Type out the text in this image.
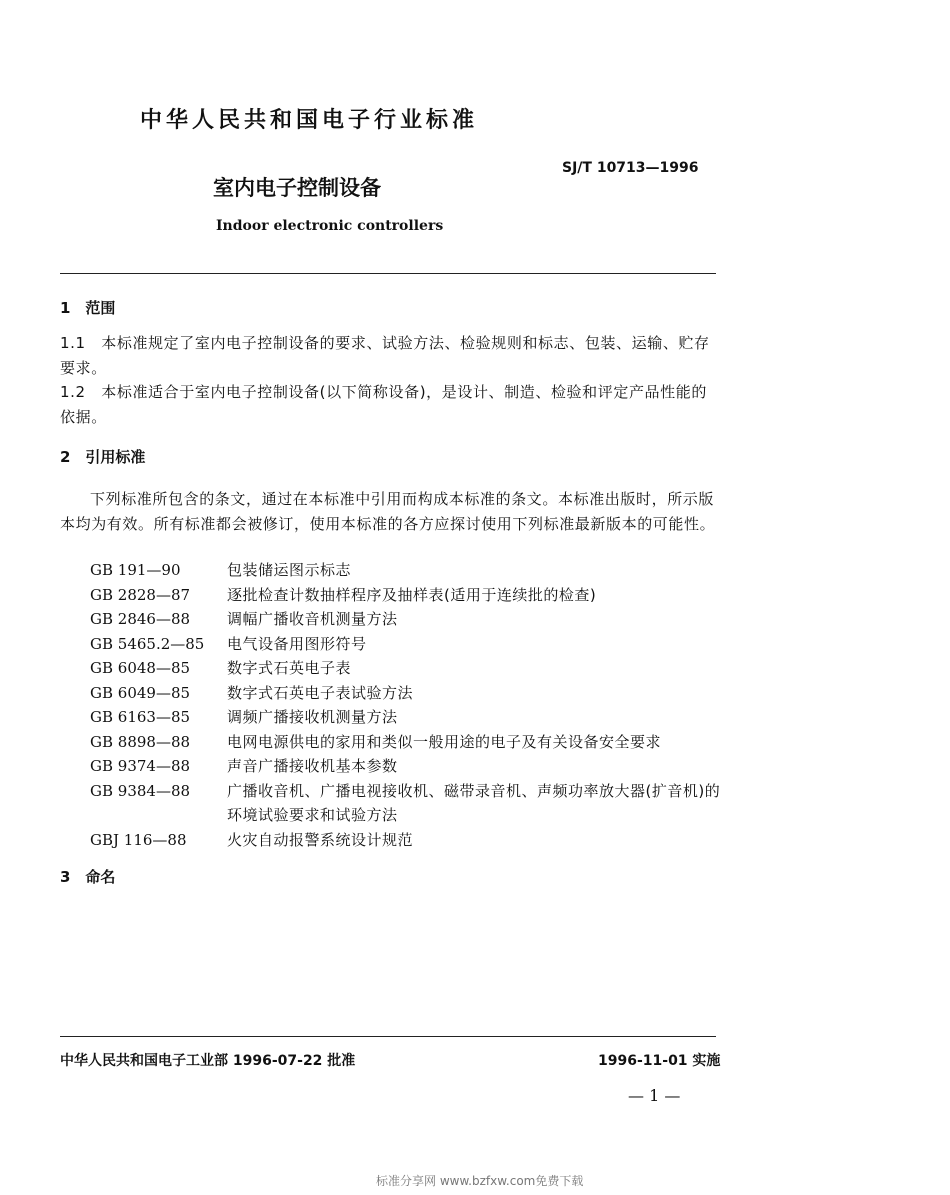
中华人民共和国电子行业标准
SJ/T 10713—1996
室内电子控制设备
Indoor electronic controllers
1　范围
1.1　本标准规定了室内电子控制设备的要求、试验方法、检验规则和标志、包装、运输、贮存要求。
1.2　本标准适合于室内电子控制设备(以下简称设备)，是设计、制造、检验和评定产品性能的依据。
2　引用标准
下列标准所包含的条文，通过在本标准中引用而构成本标准的条文。本标准出版时，所示版本均为有效。所有标准都会被修订，使用本标准的各方应探讨使用下列标准最新版本的可能性。
GB 191—90	包装储运图示标志
GB 2828—87	逐批检查计数抽样程序及抽样表(适用于连续批的检查)
GB 2846—88	调幅广播收音机测量方法
GB 5465.2—85	电气设备用图形符号
GB 6048—85	数字式石英电子表
GB 6049—85	数字式石英电子表试验方法
GB 6163—85	调频广播接收机测量方法
GB 8898—88	电网电源供电的家用和类似一般用途的电子及有关设备安全要求
GB 9374—88	声音广播接收机基本参数
GB 9384—88	广播收音机、广播电视接收机、磁带录音机、声频功率放大器(扩音机)的环境试验要求和试验方法
GBJ 116—88	火灾自动报警系统设计规范
3　命名
中华人民共和国电子工业部 1996-07-22 批准	1996-11-01 实施
— 1 —
标准分享网 www.bzfxw.com免费下载
